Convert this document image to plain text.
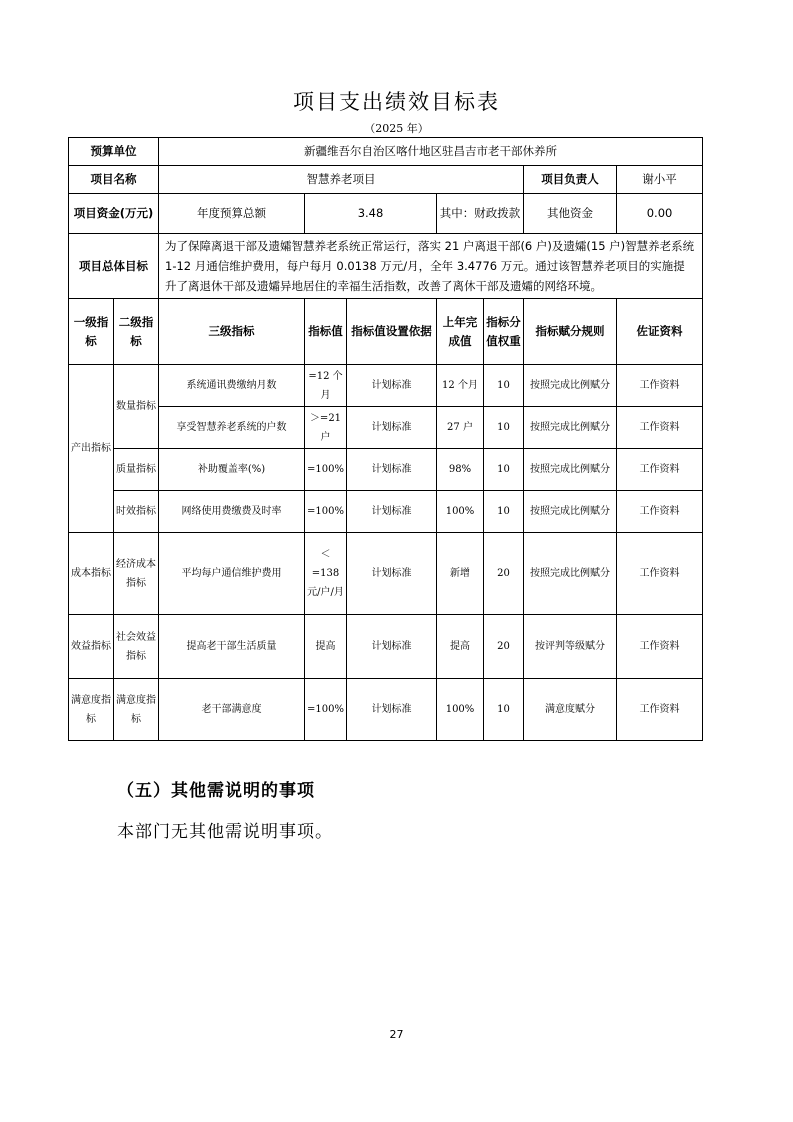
项目支出绩效目标表
（2025 年）
预算单位		新疆维吾尔自治区喀什地区驻昌吉市老干部休养所						
项目名称		智慧养老项目					项目负责人	谢小平
项目资金(万元)		年度预算总额	3.48		其中：财政拨款		其他资金	0.00
项目总体目标		为了保障离退干部及遗孀智慧养老系统正常运行，落实 21 户离退干部(6 户)及遗孀(15 户)智慧养老系统 1-12 月通信维护费用，每户每月 0.0138 万元/月，全年 3.4776 万元。通过该智慧养老项目的实施提升了离退休干部及遗孀异地居住的幸福生活指数，改善了离休干部及遗孀的网络环境。						
一级指标	二级指标	三级指标	指标值	指标值设置依据	上年完成值	指标分值权重	指标赋分规则	佐证资料
产出指标	数量指标	系统通讯费缴纳月数	=12 个月	计划标准	12 个月	10	按照完成比例赋分	工作资料
		享受智慧养老系统的户数	＞=21 户	计划标准	27 户	10	按照完成比例赋分	工作资料
	质量指标	补助覆盖率(%)	=100%	计划标准	98%	10	按照完成比例赋分	工作资料
	时效指标	网络使用费缴费及时率	=100%	计划标准	100%	10	按照完成比例赋分	工作资料
成本指标	经济成本指标	平均每户通信维护费用	＜=138 元/户/月	计划标准	新增	20	按照完成比例赋分	工作资料
效益指标	社会效益指标	提高老干部生活质量	提高	计划标准	提高	20	按评判等级赋分	工作资料
满意度指标	满意度指标	老干部满意度	=100%	计划标准	100%	10	满意度赋分	工作资料
（五）其他需说明的事项
本部门无其他需说明事项。
27
